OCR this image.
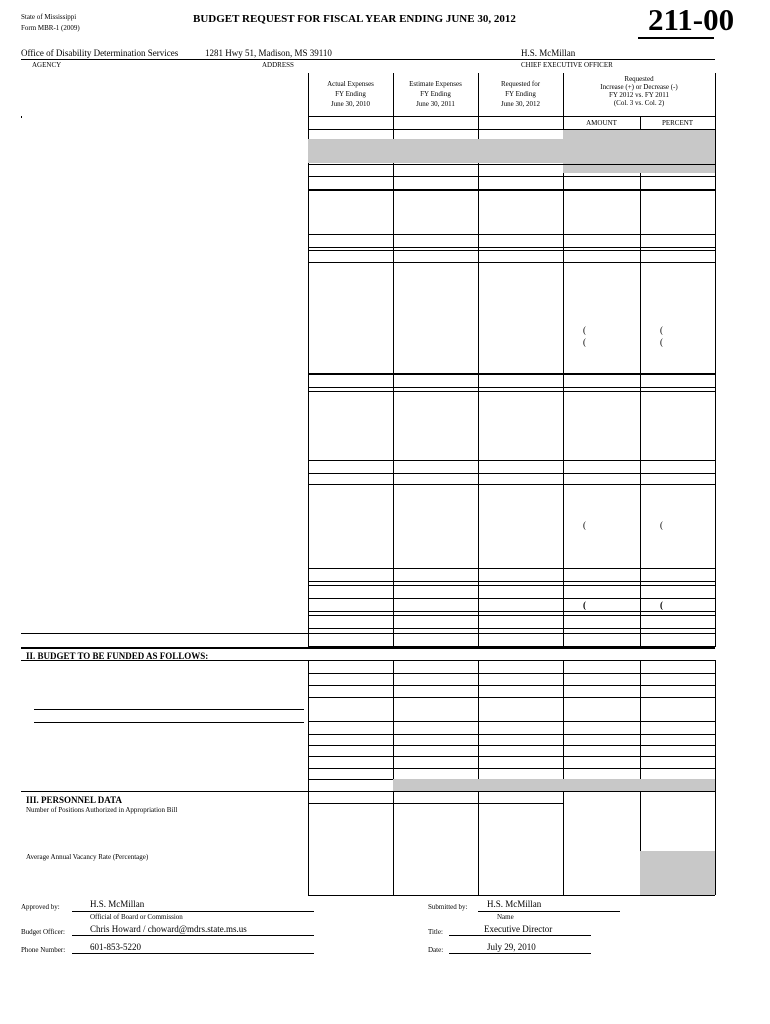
State of Mississippi
Form MBR-1 (2009)
BUDGET REQUEST FOR FISCAL YEAR ENDING JUNE 30, 2012	211-00
Office of Disability Determination Services	1281 Hwy 51, Madison, MS 39110	H.S. McMillan
AGENCY	ADDRESS	CHIEF EXECUTIVE OFFICER
II. BUDGET TO BE FUNDED AS FOLLOWS:
III. PERSONNEL DATA
Number of Positions Authorized in Appropriation Bill
Average Annual Vacancy Rate (Percentage)
Approved by:	H.S. McMillan
Official of Board or Commission
Budget Officer:	Chris Howard / choward@mdrs.state.ms.us
Phone Number:	601-853-5220
Submitted by: H.S. McMillan
Name
Title:	Executive Director
Date:	July 29, 2010
Actual Expenses
FY Ending
June 30, 2010
Estimate Expenses
FY Ending
June 30, 2011
Requested for
FY Ending
June 30, 2012
Requested
Increase (+) or Decrease (-)
FY 2012 vs. FY 2011
(Col. 3 vs. Col. 2)
AMOUNT	PERCENT
(	(
(	(
(	(
(	(
